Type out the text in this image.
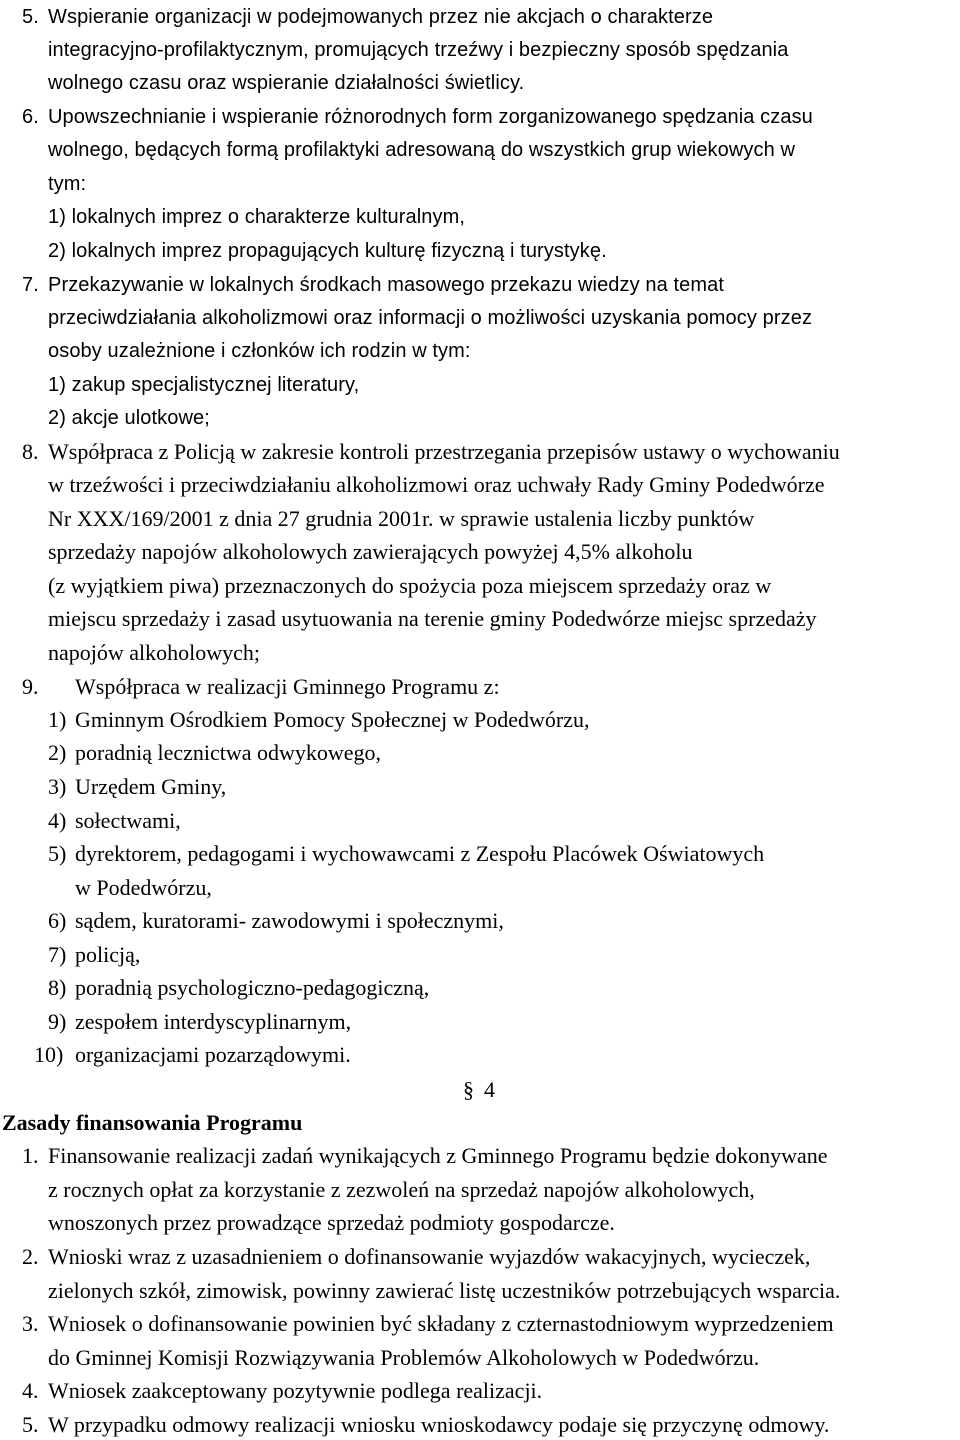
5. Wspieranie organizacji w podejmowanych przez nie akcjach o charakterze
integracyjno-profilaktycznym, promujących trzeźwy i bezpieczny sposób spędzania
wolnego czasu oraz wspieranie działalności świetlicy.
6. Upowszechnianie i wspieranie różnorodnych form zorganizowanego spędzania czasu
wolnego, będących formą profilaktyki adresowaną do wszystkich grup wiekowych w
tym:
1) lokalnych imprez o charakterze kulturalnym,
2) lokalnych imprez propagujących kulturę fizyczną i turystykę.
7. Przekazywanie w lokalnych środkach masowego przekazu wiedzy na temat
przeciwdziałania alkoholizmowi oraz informacji o możliwości uzyskania pomocy przez
osoby uzależnione i członków ich rodzin w tym:
1) zakup specjalistycznej literatury,
2) akcje ulotkowe;
8. Współpraca z Policją w zakresie kontroli przestrzegania przepisów ustawy o wychowaniu
w trzeźwości i przeciwdziałaniu alkoholizmowi oraz uchwały Rady Gminy Podedwórze
Nr XXX/169/2001 z dnia 27 grudnia 2001r. w sprawie ustalenia liczby punktów
sprzedaży napojów alkoholowych zawierających powyżej 4,5% alkoholu
(z wyjątkiem piwa) przeznaczonych do spożycia poza miejscem sprzedaży oraz w
miejscu sprzedaży i zasad usytuowania na terenie gminy Podedwórze miejsc sprzedaży
napojów alkoholowych;
9. Współpraca w realizacji Gminnego Programu z:
1) Gminnym Ośrodkiem Pomocy Społecznej w Podedwórzu,
2) poradnią lecznictwa odwykowego,
3) Urzędem Gminy,
4) sołectwami,
5) dyrektorem, pedagogami i wychowawcami z Zespołu Placówek Oświatowych
w Podedwórzu,
6) sądem, kuratorami- zawodowymi i społecznymi,
7) policją,
8) poradnią psychologiczno-pedagogiczną,
9) zespołem interdyscyplinarnym,
10) organizacjami pozarządowymi.
§ 4
Zasady finansowania Programu
1. Finansowanie realizacji zadań wynikających z Gminnego Programu będzie dokonywane
z rocznych opłat za korzystanie z zezwoleń na sprzedaż napojów alkoholowych,
wnoszonych przez prowadzące sprzedaż podmioty gospodarcze.
2. Wnioski wraz z uzasadnieniem o dofinansowanie wyjazdów wakacyjnych, wycieczek,
zielonych szkół, zimowisk, powinny zawierać listę uczestników potrzebujących wsparcia.
3. Wniosek o dofinansowanie powinien być składany z czternastodniowym wyprzedzeniem
do Gminnej Komisji Rozwiązywania Problemów Alkoholowych w Podedwórzu.
4. Wniosek zaakceptowany pozytywnie podlega realizacji.
5. W przypadku odmowy realizacji wniosku wnioskodawcy podaje się przyczynę odmowy.
